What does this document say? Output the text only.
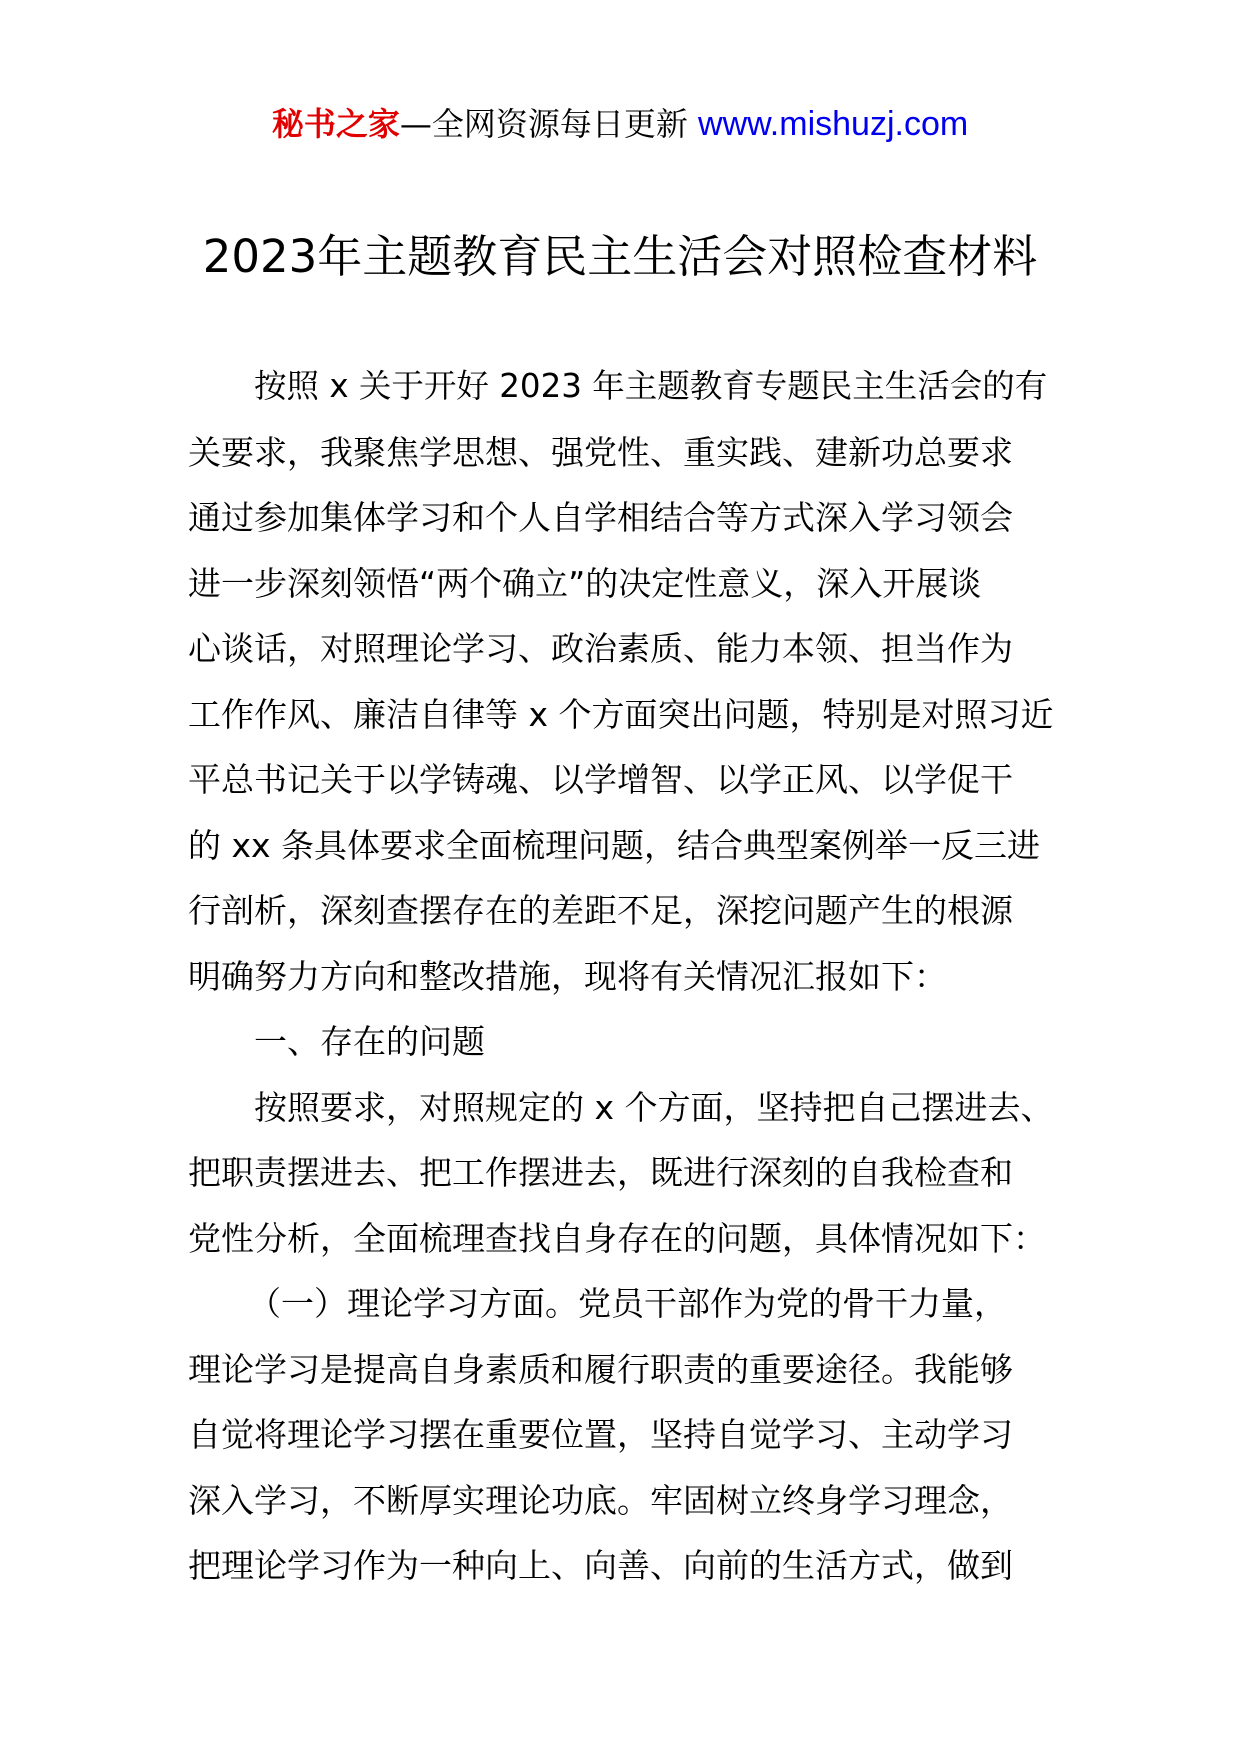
秘书之家—全网资源每日更新 www.mishuzj.com
2023年主题教育民主生活会对照检查材料
按照 x 关于开好 2023 年主题教育专题民主生活会的有
关要求，我聚焦学思想、强党性、重实践、建新功总要求
通过参加集体学习和个人自学相结合等方式深入学习领会
进一步深刻领悟“两个确立”的决定性意义，深入开展谈
心谈话，对照理论学习、政治素质、能力本领、担当作为
工作作风、廉洁自律等 x 个方面突出问题，特别是对照习近
平总书记关于以学铸魂、以学增智、以学正风、以学促干
的 xx 条具体要求全面梳理问题，结合典型案例举一反三进
行剖析，深刻查摆存在的差距不足，深挖问题产生的根源
明确努力方向和整改措施，现将有关情况汇报如下：
一、存在的问题
按照要求，对照规定的 x 个方面，坚持把自己摆进去、
把职责摆进去、把工作摆进去，既进行深刻的自我检查和
党性分析，全面梳理查找自身存在的问题，具体情况如下：
（一）理论学习方面。党员干部作为党的骨干力量，
理论学习是提高自身素质和履行职责的重要途径。我能够
自觉将理论学习摆在重要位置，坚持自觉学习、主动学习
深入学习，不断厚实理论功底。牢固树立终身学习理念，
把理论学习作为一种向上、向善、向前的生活方式，做到
